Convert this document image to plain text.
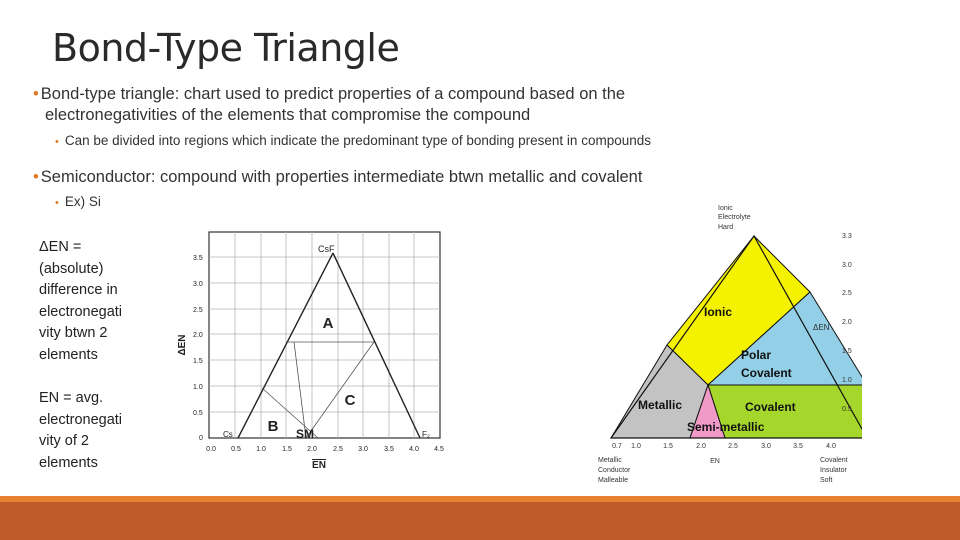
Bond-Type Triangle
• Bond-type triangle: chart used to predict properties of a compound based on the
electronegativities of the elements that compromise the compound
• Can be divided into regions which indicate the predominant type of bonding present in compounds
• Semiconductor: compound with properties intermediate btwn metallic and covalent
• Ex) Si
ΔEN =
(absolute)
difference in
electronegati
vity btwn 2
elements
EN = avg.
electronegati
vity of 2
elements
3.5
3.0
2.5
2.0
1.5
1.0
0.5
0
0.0 0.5 1.0 1.5 2.0 2.5 3.0 3.5 4.0 4.5
ΔEN
EN
CsF
Cs	F₂
A
B
C
SM
Ionic
Electrolyte
Hard
3.3
3.0
2.5
2.0
1.5
1.0
0.5
ΔEN
0.7 1.0	1.5	2.0	2.5	3.0	3.5	4.0
EN
Metallic
Conductor
Malleable
Covalent
Insulator
Soft
Ionic
Polar
Covalent
Metallic	Covalent
Semi-metallic
